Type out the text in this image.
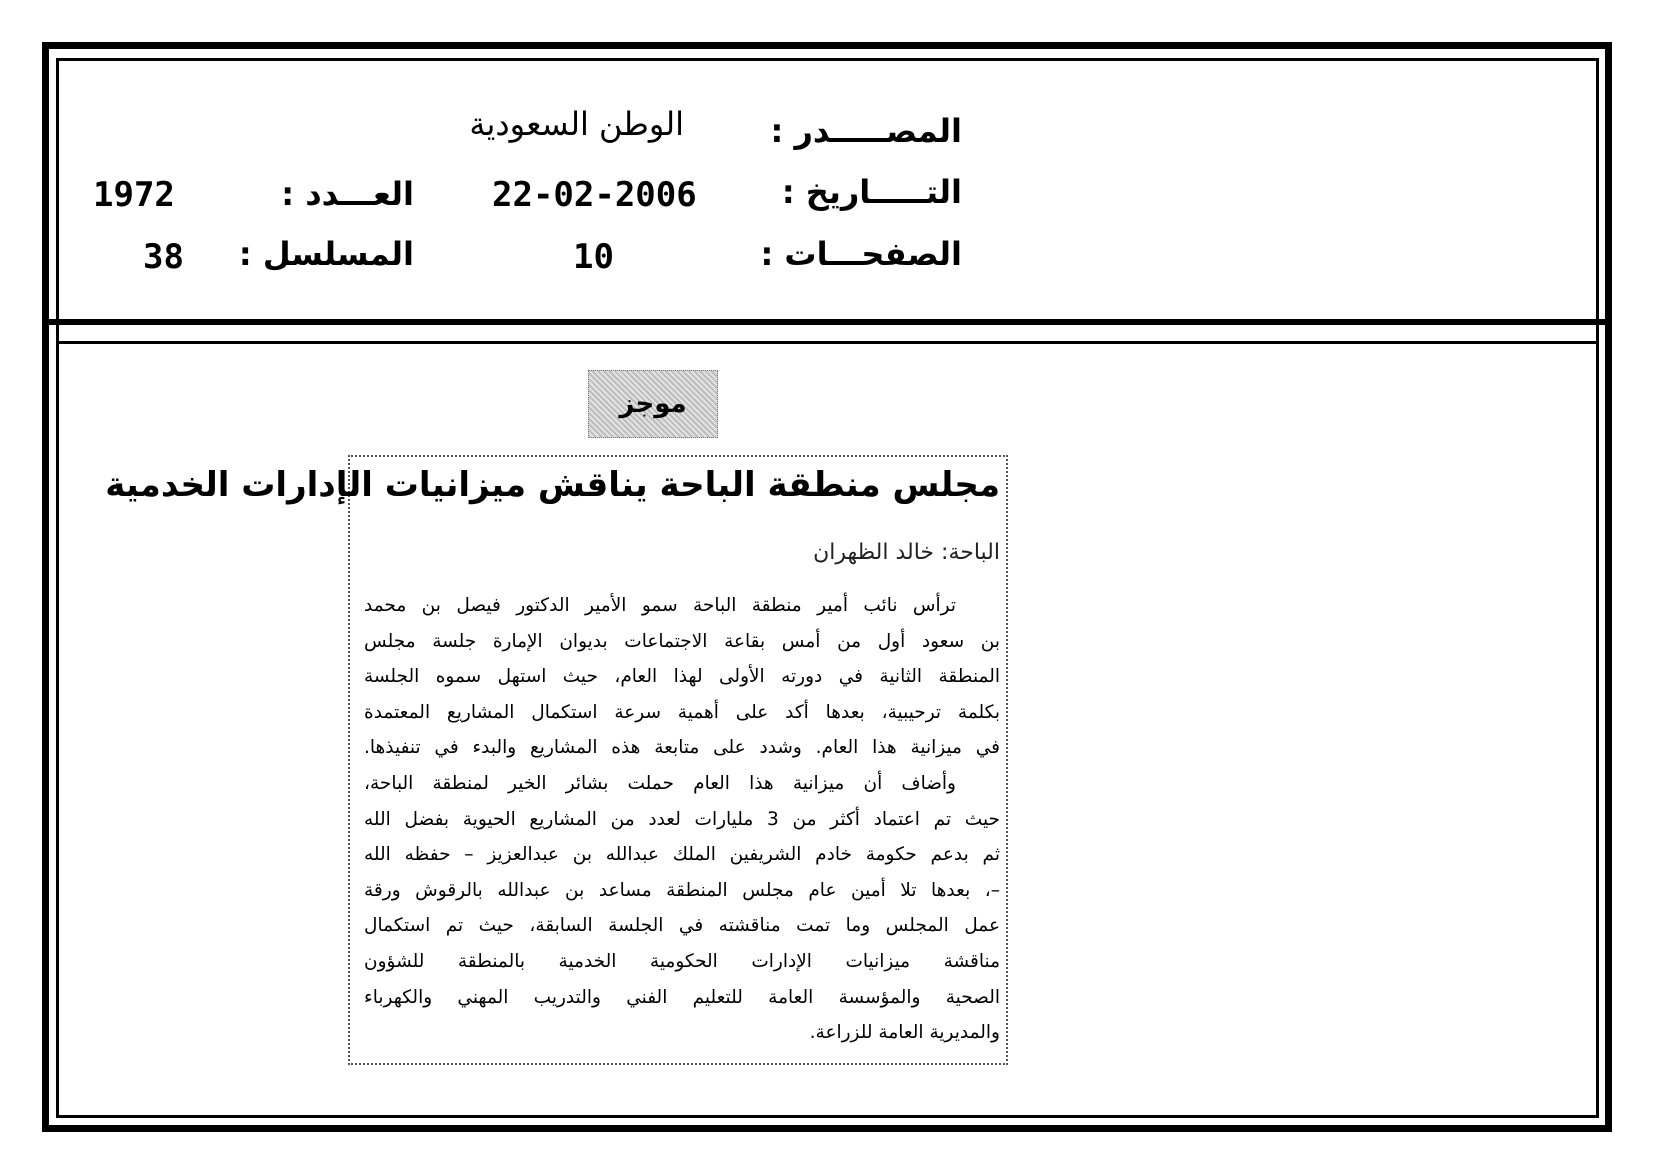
المصـــــدر :
الوطن السعودية
التـــــاريخ :
22-02-2006
العـــدد :
1972
الصفحـــات :
10
المسلسل :
38
موجز
مجلس منطقة الباحة يناقش ميزانيات الإدارات الخدمية
الباحة: خالد الظهران
ترأس نائب أمير منطقة الباحة سمو الأمير الدكتور فيصل بن محمد
بن سعود أول من أمس بقاعة الاجتماعات بديوان الإمارة جلسة مجلس
المنطقة الثانية في دورته الأولى لهذا العام، حيث استهل سموه الجلسة
بكلمة ترحيبية، بعدها أكد على أهمية سرعة استكمال المشاريع المعتمدة
في ميزانية هذا العام. وشدد على متابعة هذه المشاريع والبدء في تنفيذها.
وأضاف أن ميزانية هذا العام حملت بشائر الخير لمنطقة الباحة،
حيث تم اعتماد أكثر من 3 مليارات لعدد من المشاريع الحيوية بفضل الله
ثم بدعم حكومة خادم الشريفين الملك عبدالله بن عبدالعزيز – حفظه الله
–، بعدها تلا أمين عام مجلس المنطقة مساعد بن عبدالله بالرقوش ورقة
عمل المجلس وما تمت مناقشته في الجلسة السابقة، حيث تم استكمال
مناقشة ميزانيات الإدارات الحكومية الخدمية بالمنطقة للشؤون
الصحية والمؤسسة العامة للتعليم الفني والتدريب المهني والكهرباء
والمديرية العامة للزراعة.
